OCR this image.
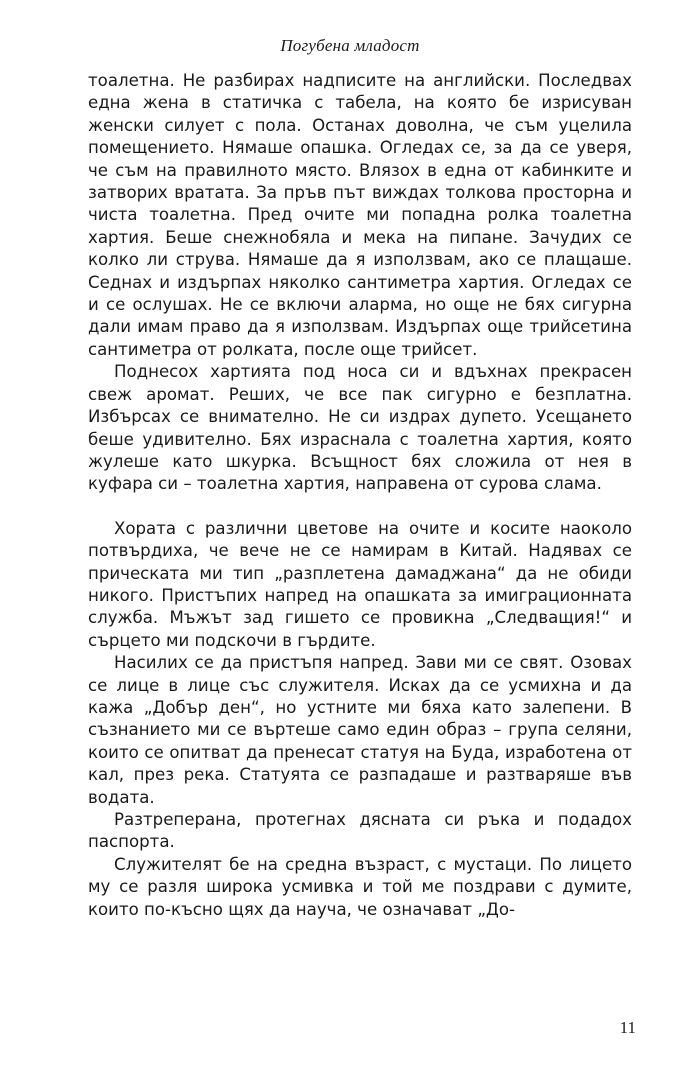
Погубена младост

тоалетна. Не разбирах надписите на английски. Последвах една жена в статичка с табела, на която бе изрисуван женски силует с пола. Останах доволна, че съм уцелила помещението. Нямаше опашка. Огледах се, за да се уверя, че съм на правилното място. Влязох в една от кабинките и затворих вратата. За пръв път виждах толкова просторна и чиста тоалетна. Пред очите ми попадна ролка тоалетна хартия. Беше снежнобяла и мека на пипане. Зачудих се колко ли струва. Нямаше да я използвам, ако се плащаше. Седнах и издърпах няколко сантиметра хартия. Огледах се и се ослушах. Не се включи аларма, но още не бях сигурна дали имам право да я използвам. Издърпах още трийсетина сантиметра от ролката, после още трийсет.

Поднесох хартията под носа си и вдъхнах прекрасен свеж аромат. Реших, че все пак сигурно е безплатна. Избърсах се внимателно. Не си издрах дупето. Усещането беше удивително. Бях израснала с тоалетна хартия, която жулеше като шкурка. Всъщност бях сложила от нея в куфара си – тоалетна хартия, направена от сурова слама.

Хората с различни цветове на очите и косите наоколо потвърдиха, че вече не се намирам в Китай. Надявах се прическата ми тип „разплетена дамаджана“ да не обиди никого. Пристъпих напред на опашката за имиграционната служба. Мъжът зад гишето се провикна „Следващия!“ и сърцето ми подскочи в гърдите.

Насилих се да пристъпя напред. Зави ми се свят. Озовах се лице в лице със служителя. Исках да се усмихна и да кажа „Добър ден“, но устните ми бяха като залепени. В съзнанието ми се въртеше само един образ – група селяни, които се опитват да пренесат статуя на Буда, изработена от кал, през река. Статуята се разпадаше и разтваряше във водата.

Разтреперана, протегнах дясната си ръка и подадох паспорта.

Служителят бе на средна възраст, с мустаци. По лицето му се разля широка усмивка и той ме поздрави с думите, които по-късно щях да науча, че означават „До-

11
